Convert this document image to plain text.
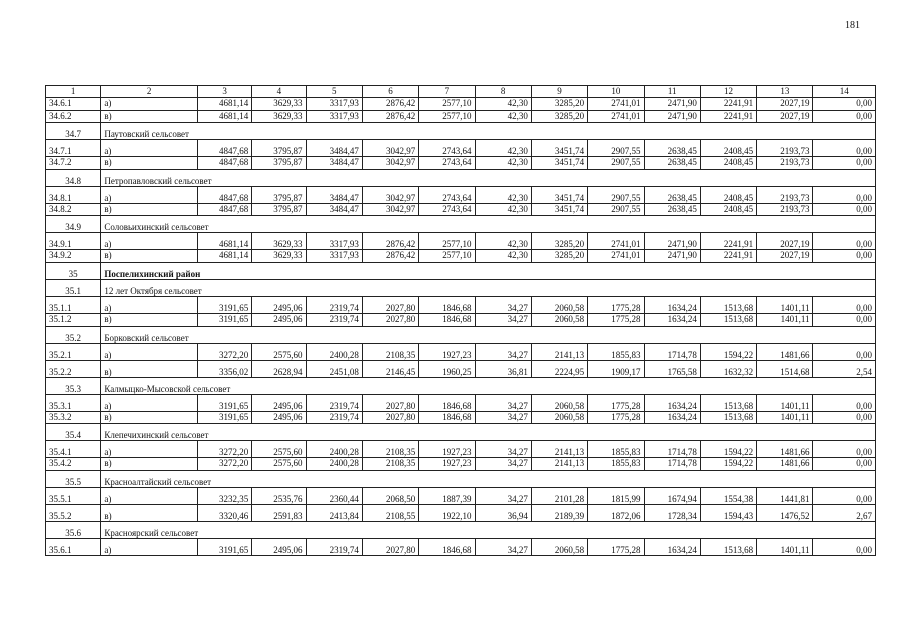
181
1	2	3	4	5	6	7	8	9	10	11	12	13	14
34.6.1	а)	4681,14	3629,33	3317,93	2876,42	2577,10	42,30	3285,20	2741,01	2471,90	2241,91	2027,19	0,00
34.6.2	в)	4681,14	3629,33	3317,93	2876,42	2577,10	42,30	3285,20	2741,01	2471,90	2241,91	2027,19	0,00
34.7	Паутовский сельсовет												
34.7.1	а)	4847,68	3795,87	3484,47	3042,97	2743,64	42,30	3451,74	2907,55	2638,45	2408,45	2193,73	0,00
34.7.2	в)	4847,68	3795,87	3484,47	3042,97	2743,64	42,30	3451,74	2907,55	2638,45	2408,45	2193,73	0,00
34.8	Петропавловский сельсовет												
34.8.1	а)	4847,68	3795,87	3484,47	3042,97	2743,64	42,30	3451,74	2907,55	2638,45	2408,45	2193,73	0,00
34.8.2	в)	4847,68	3795,87	3484,47	3042,97	2743,64	42,30	3451,74	2907,55	2638,45	2408,45	2193,73	0,00
34.9	Соловьихинский сельсовет												
34.9.1	а)	4681,14	3629,33	3317,93	2876,42	2577,10	42,30	3285,20	2741,01	2471,90	2241,91	2027,19	0,00
34.9.2	в)	4681,14	3629,33	3317,93	2876,42	2577,10	42,30	3285,20	2741,01	2471,90	2241,91	2027,19	0,00
35	Поспелихинский район												
35.1	12 лет Октября сельсовет												
35.1.1	а)	3191,65	2495,06	2319,74	2027,80	1846,68	34,27	2060,58	1775,28	1634,24	1513,68	1401,11	0,00
35.1.2	в)	3191,65	2495,06	2319,74	2027,80	1846,68	34,27	2060,58	1775,28	1634,24	1513,68	1401,11	0,00
35.2	Борковский сельсовет												
35.2.1	а)	3272,20	2575,60	2400,28	2108,35	1927,23	34,27	2141,13	1855,83	1714,78	1594,22	1481,66	0,00
35.2.2	в)	3356,02	2628,94	2451,08	2146,45	1960,25	36,81	2224,95	1909,17	1765,58	1632,32	1514,68	2,54
35.3	Калмыцко-Мысовской сельсовет												
35.3.1	а)	3191,65	2495,06	2319,74	2027,80	1846,68	34,27	2060,58	1775,28	1634,24	1513,68	1401,11	0,00
35.3.2	в)	3191,65	2495,06	2319,74	2027,80	1846,68	34,27	2060,58	1775,28	1634,24	1513,68	1401,11	0,00
35.4	Клепечихинский сельсовет												
35.4.1	а)	3272,20	2575,60	2400,28	2108,35	1927,23	34,27	2141,13	1855,83	1714,78	1594,22	1481,66	0,00
35.4.2	в)	3272,20	2575,60	2400,28	2108,35	1927,23	34,27	2141,13	1855,83	1714,78	1594,22	1481,66	0,00
35.5	Красноалтайский сельсовет												
35.5.1	а)	3232,35	2535,76	2360,44	2068,50	1887,39	34,27	2101,28	1815,99	1674,94	1554,38	1441,81	0,00
35.5.2	в)	3320,46	2591,83	2413,84	2108,55	1922,10	36,94	2189,39	1872,06	1728,34	1594,43	1476,52	2,67
35.6	Красноярский сельсовет												
35.6.1	а)	3191,65	2495,06	2319,74	2027,80	1846,68	34,27	2060,58	1775,28	1634,24	1513,68	1401,11	0,00
